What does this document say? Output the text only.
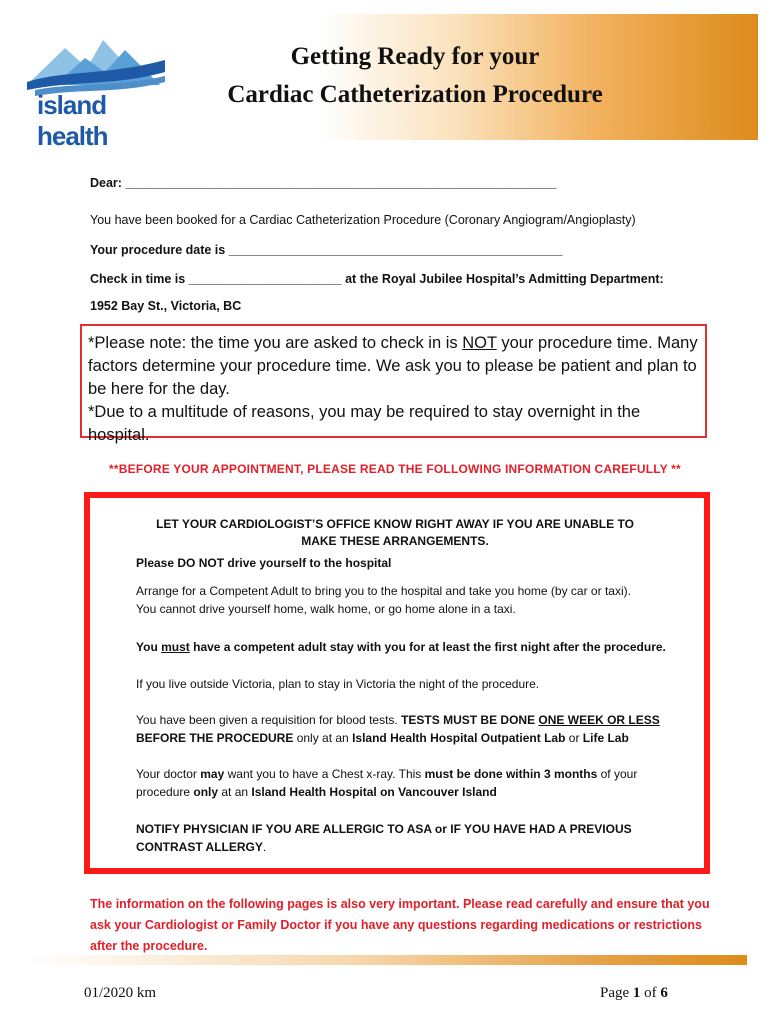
island health
Getting Ready for your
Cardiac Catheterization Procedure
Dear: ______________________________________________________________
You have been booked for a Cardiac Catheterization Procedure (Coronary Angiogram/Angioplasty)
Your procedure date is ________________________________________________
Check in time is ______________________ at the Royal Jubilee Hospital’s Admitting Department:
1952 Bay St., Victoria, BC
*Please note: the time you are asked to check in is NOT your procedure time. Many factors determine your procedure time. We ask you to please be patient and plan to be here for the day.
*Due to a multitude of reasons, you may be required to stay overnight in the hospital.
**BEFORE YOUR APPOINTMENT, PLEASE READ THE FOLLOWING INFORMATION CAREFULLY **
LET YOUR CARDIOLOGIST’S OFFICE KNOW RIGHT AWAY IF YOU ARE UNABLE TO
MAKE THESE ARRANGEMENTS.
Please DO NOT drive yourself to the hospital
Arrange for a Competent Adult to bring you to the hospital and take you home (by car or taxi).
You cannot drive yourself home, walk home, or go home alone in a taxi.
You must have a competent adult stay with you for at least the first night after the procedure.
If you live outside Victoria, plan to stay in Victoria the night of the procedure.
You have been given a requisition for blood tests. TESTS MUST BE DONE ONE WEEK OR LESS
BEFORE THE PROCEDURE only at an Island Health Hospital Outpatient Lab or Life Lab
Your doctor may want you to have a Chest x-ray. This must be done within 3 months of your
procedure only at an Island Health Hospital on Vancouver Island
NOTIFY PHYSICIAN IF YOU ARE ALLERGIC TO ASA or IF YOU HAVE HAD A PREVIOUS
CONTRAST ALLERGY.
The information on the following pages is also very important. Please read carefully and ensure that you ask your Cardiologist or Family Doctor if you have any questions regarding medications or restrictions after the procedure.
01/2020 km	Page 1 of 6
